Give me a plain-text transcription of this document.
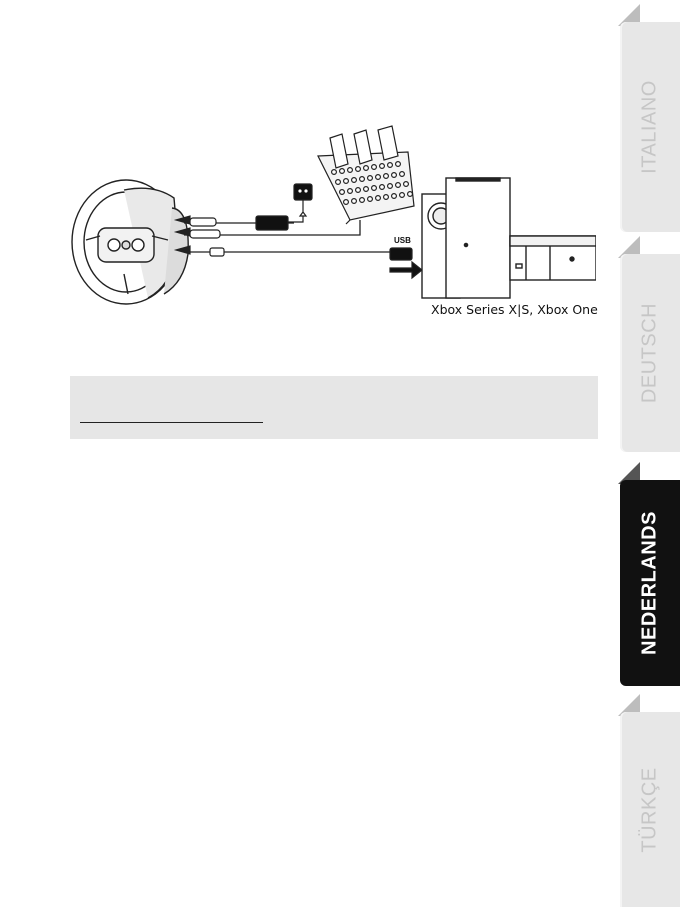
USB
Xbox Series X|S, Xbox One
ITALIANO
DEUTSCH
NEDERLANDS
TÜRKÇE
